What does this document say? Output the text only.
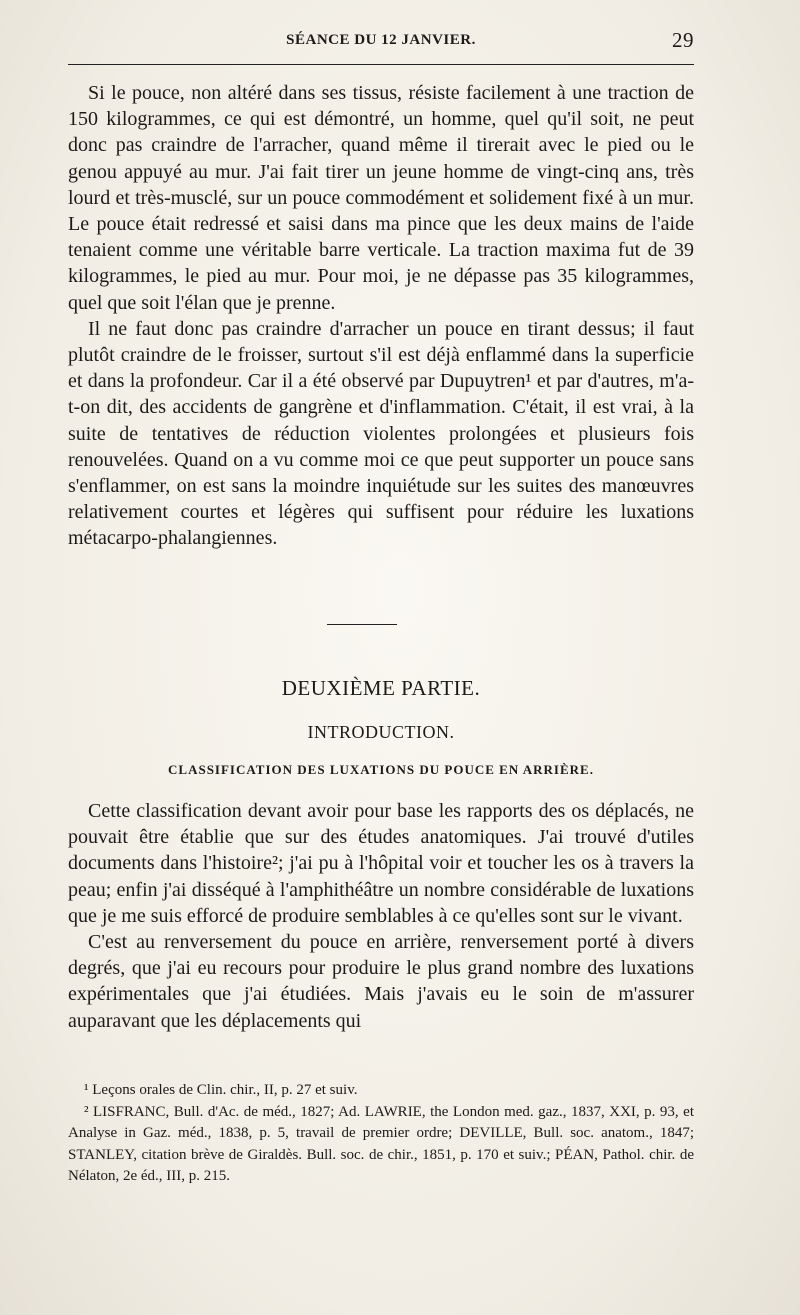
SÉANCE DU 12 JANVIER.	29

Si le pouce, non altéré dans ses tissus, résiste facilement à une traction de 150 kilogrammes, ce qui est démontré, un homme, quel qu'il soit, ne peut donc pas craindre de l'arracher, quand même il tirerait avec le pied ou le genou appuyé au mur. J'ai fait tirer un jeune homme de vingt-cinq ans, très lourd et très-musclé, sur un pouce commodément et solidement fixé à un mur. Le pouce était redressé et saisi dans ma pince que les deux mains de l'aide tenaient comme une véritable barre verticale. La traction maxima fut de 39 kilogrammes, le pied au mur. Pour moi, je ne dépasse pas 35 kilogrammes, quel que soit l'élan que je prenne.

Il ne faut donc pas craindre d'arracher un pouce en tirant dessus; il faut plutôt craindre de le froisser, surtout s'il est déjà enflammé dans la superficie et dans la profondeur. Car il a été observé par Dupuytren¹ et par d'autres, m'a-t-on dit, des accidents de gangrène et d'inflammation. C'était, il est vrai, à la suite de tentatives de réduction violentes prolongées et plusieurs fois renouvelées. Quand on a vu comme moi ce que peut supporter un pouce sans s'enflammer, on est sans la moindre inquiétude sur les suites des manœuvres relativement courtes et légères qui suffisent pour réduire les luxations métacarpo-phalangiennes.

DEUXIÈME PARTIE.
INTRODUCTION.
CLASSIFICATION DES LUXATIONS DU POUCE EN ARRIÈRE.

Cette classification devant avoir pour base les rapports des os déplacés, ne pouvait être établie que sur des études anatomiques. J'ai trouvé d'utiles documents dans l'histoire²; j'ai pu à l'hôpital voir et toucher les os à travers la peau; enfin j'ai disséqué à l'amphithéâtre un nombre considérable de luxations que je me suis efforcé de produire semblables à ce qu'elles sont sur le vivant.

C'est au renversement du pouce en arrière, renversement porté à divers degrés, que j'ai eu recours pour produire le plus grand nombre des luxations expérimentales que j'ai étudiées. Mais j'avais eu le soin de m'assurer auparavant que les déplacements qui

¹ Leçons orales de Clin. chir., II, p. 27 et suiv.

² LISFRANC, Bull. d'Ac. de méd., 1827; Ad. LAWRIE, the London med. gaz., 1837, XXI, p. 93, et Analyse in Gaz. méd., 1838, p. 5, travail de premier ordre; DEVILLE, Bull. soc. anatom., 1847; STANLEY, citation brève de Giraldès. Bull. soc. de chir., 1851, p. 170 et suiv.; PÉAN, Pathol. chir. de Nélaton, 2e éd., III, p. 215.
